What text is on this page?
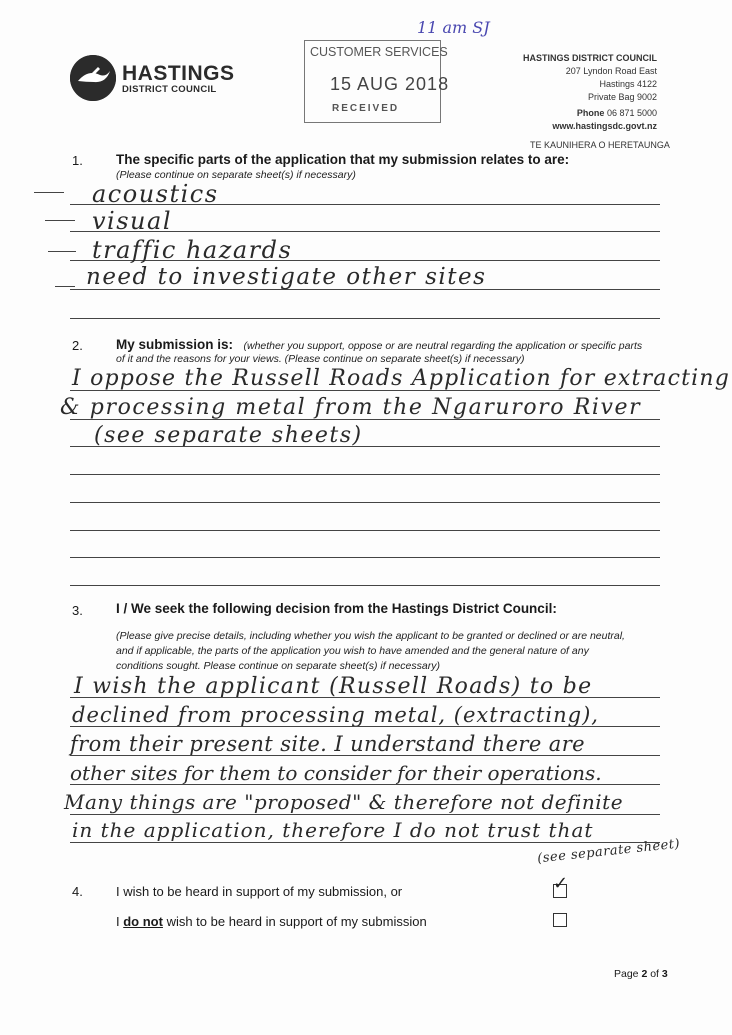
HASTINGS
DISTRICT COUNCIL
CUSTOMER SERVICES
15 AUG 2018
RECEIVED
11 am SJ
HASTINGS DISTRICT COUNCIL
207 Lyndon Road East
Hastings 4122
Private Bag 9002
Phone 06 871 5000
www.hastingsdc.govt.nz
TE KAUNIHERA O HERETAUNGA
1. The specific parts of the application that my submission relates to are:
(Please continue on separate sheet(s) if necessary)
acoustics
visual
traffic hazards
need to investigate other sites
2. My submission is: (whether you support, oppose or are neutral regarding the application or specific parts
of it and the reasons for your views. (Please continue on separate sheet(s) if necessary)
I oppose the Russell Roads Application for extracting
& processing metal from the Ngaruroro River
(see separate sheets)
3. I / We seek the following decision from the Hastings District Council:
(Please give precise details, including whether you wish the applicant to be granted or declined or are neutral,
and if applicable, the parts of the application you wish to have amended and the general nature of any
conditions sought. Please continue on separate sheet(s) if necessary)
I wish the applicant (Russell Roads) to be
declined from processing metal, (extracting),
from their present site. I understand there are
other sites for them to consider for their operations.
Many things are "proposed" & therefore not definite
in the application, therefore I do not trust that
(see separate sheet)
4.	I wish to be heard in support of my submission, or	✓
I do not wish to be heard in support of my submission
Page 2 of 3
